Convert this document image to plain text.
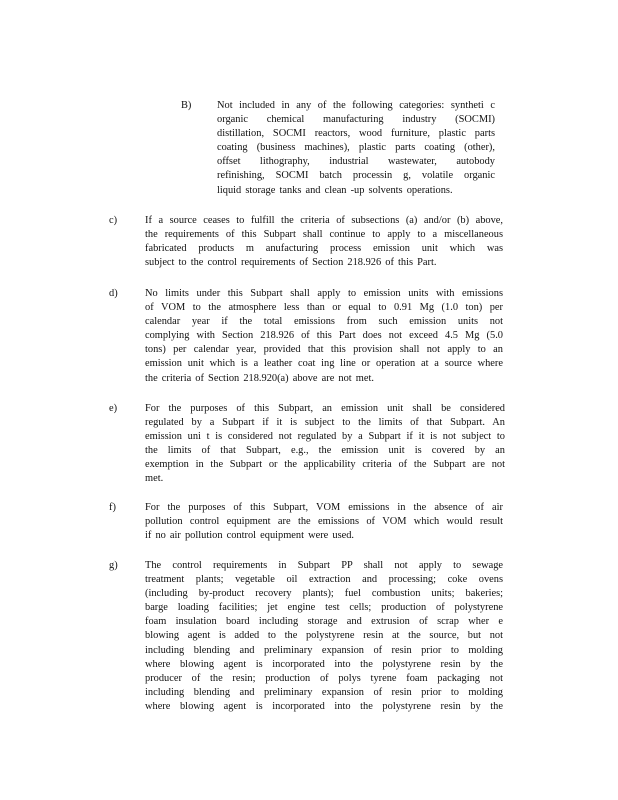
B) Not included in any of the following categories: syntheti c
organic chemical manufacturing industry (SOCMI)
distillation, SOCMI reactors, wood furniture, plastic parts
coating (business machines), plastic parts coating (other),
offset lithography, industrial wastewater, autobody
refinishing, SOCMI batch processin g, volatile organic
liquid storage tanks and clean -up solvents operations.
c)	If a source ceases to fulfill the criteria of subsections (a) and/or (b) above,
the requirements of this Subpart shall continue to apply to a miscellaneous
fabricated products m anufacturing process emission unit which was
subject to the control requirements of Section 218.926 of this Part.
d)	No limits under this Subpart shall apply to emission units with emissions
of VOM to the atmosphere less than or equal to 0.91 Mg (1.0 ton) per
calendar year if the total emissions from such emission units not
complying with Section 218.926 of this Part does not exceed 4.5 Mg (5.0
tons) per calendar year, provided that this provision shall not apply to an
emission unit which is a leather coat ing line or operation at a source where
the criteria of Section 218.920(a) above are not met.
e)	For the purposes of this Subpart, an emission unit shall be considered
regulated by a Subpart if it is subject to the limits of that Subpart. An
emission uni t is considered not regulated by a Subpart if it is not subject to
the limits of that Subpart, e.g., the emission unit is covered by an
exemption in the Subpart or the applicability criteria of the Subpart are not
met.
f)	For the purposes of this Subpart, VOM emissions in the absence of air
pollution control equipment are the emissions of VOM which would result
if no air pollution control equipment were used.
g)	The control requirements in Subpart PP shall not apply to sewage
treatment plants; vegetable oil extraction and processing; coke ovens
(including by-product recovery plants); fuel combustion units; bakeries;
barge loading facilities; jet engine test cells; production of polystyrene
foam insulation board including storage and extrusion of scrap wher e
blowing agent is added to the polystyrene resin at the source, but not
including blending and preliminary expansion of resin prior to molding
where blowing agent is incorporated into the polystyrene resin by the
producer of the resin; production of polys tyrene foam packaging not
including blending and preliminary expansion of resin prior to molding
where blowing agent is incorporated into the polystyrene resin by the
